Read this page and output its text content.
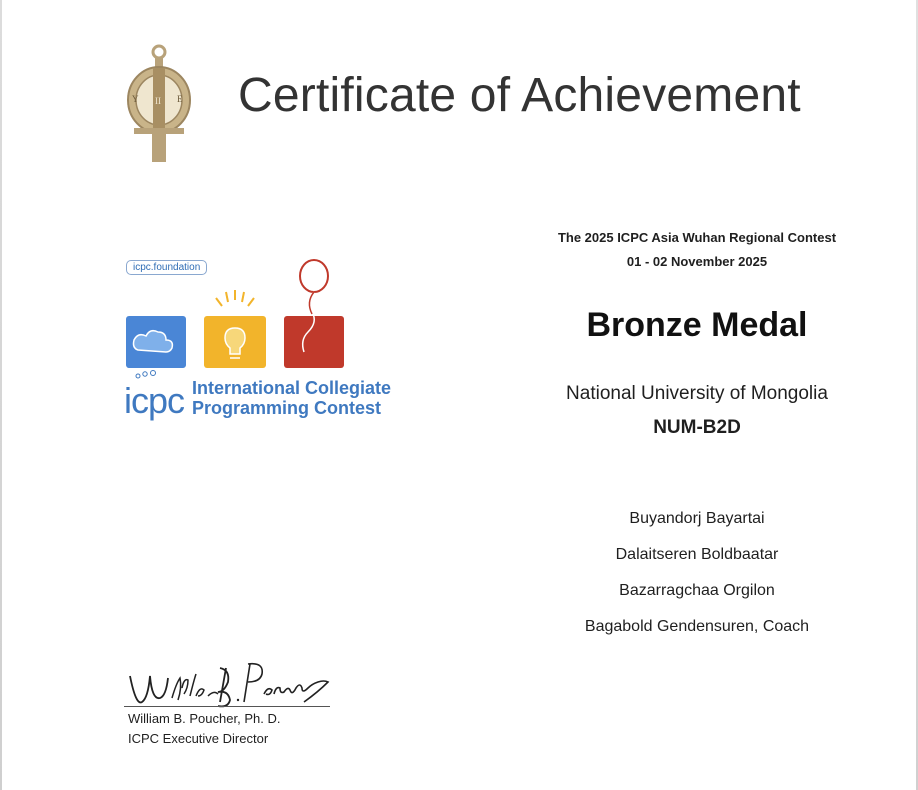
Y II E Certificate of Achievement
icpc.foundation
icpc International Collegiate
Programming Contest
The 2025 ICPC Asia Wuhan Regional Contest
01 - 02 November 2025
Bronze Medal
National University of Mongolia
NUM-B2D
Buyandorj Bayartai
Dalaitseren Boldbaatar
Bazarragchaa Orgilon
Bagabold Gendensuren, Coach
William B. Poucher, Ph. D.
ICPC Executive Director
